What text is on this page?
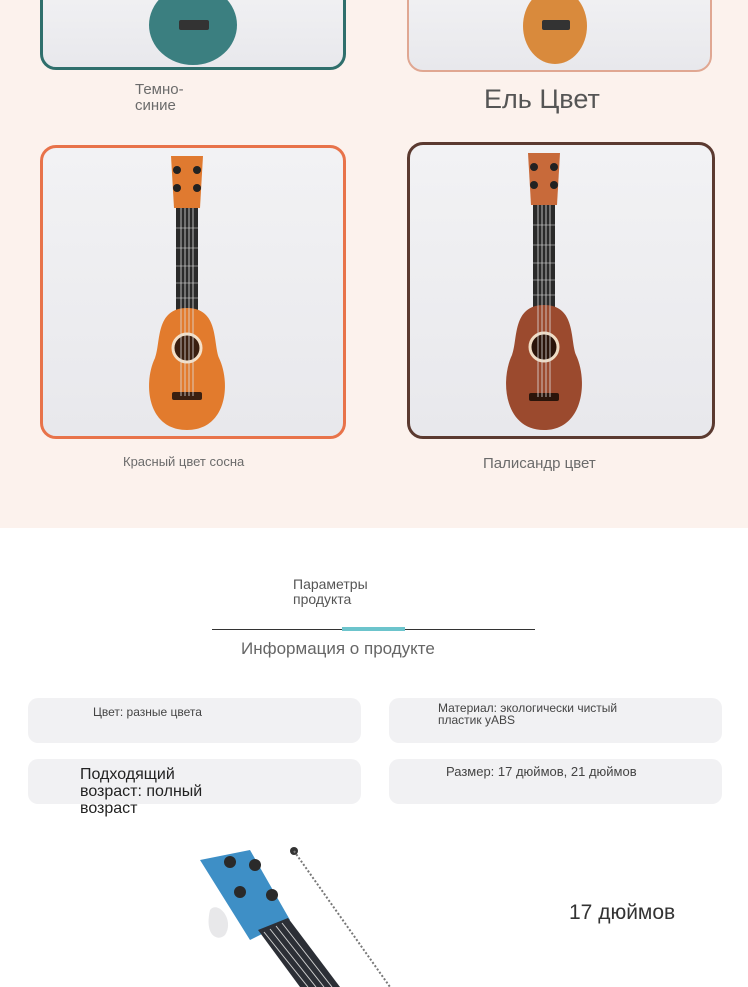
Темно-
синие	Ель Цвет
Красный цвет сосна	Палисандр цвет
Параметры
продукта
Информация о продукте
Цвет: разные цвета	Материал: экологически чистый
пластик уABS
Подходящий
возраст: полный
возраст
Размер: 17 дюймов, 21 дюймов
17 дюймов
